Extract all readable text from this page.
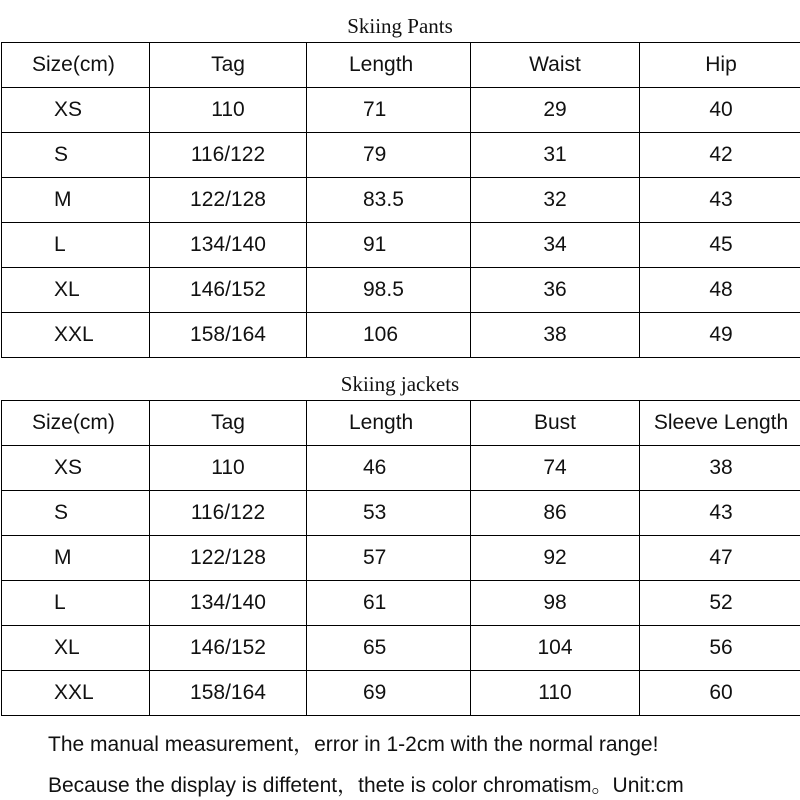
Skiing Pants
Size(cm)	Tag	Length	Waist	Hip
XS	110	71	29	40
S	116/122	79	31	42
M	122/128	83.5	32	43
L	134/140	91	34	45
XL	146/152	98.5	36	48
XXL	158/164	106	38	49
Skiing jackets
Size(cm)	Tag	Length	Bust	Sleeve Length
XS	110	46	74	38
S	116/122	53	86	43
M	122/128	57	92	47
L	134/140	61	98	52
XL	146/152	65	104	56
XXL	158/164	69	110	60
The manual measurement，error in 1-2cm with the normal range!
Because the display is diffetent，thete is color chromatism。Unit:cm
